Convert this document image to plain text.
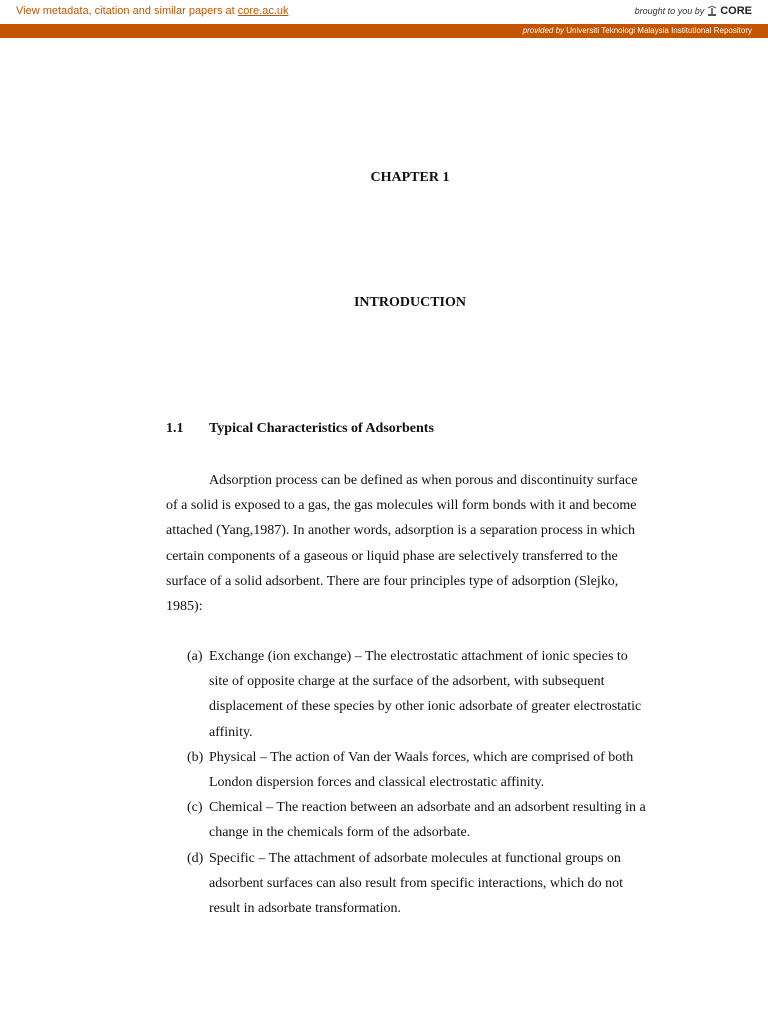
View metadata, citation and similar papers at core.ac.uk	brought to you by CORE
provided by Universiti Teknologi Malaysia Institutional Repository
CHAPTER 1
INTRODUCTION
1.1 Typical Characteristics of Adsorbents

Adsorption process can be defined as when porous and discontinuity surface
of a solid is exposed to a gas, the gas molecules will form bonds with it and become
attached (Yang,1987). In another words, adsorption is a separation process in which
certain components of a gaseous or liquid phase are selectively transferred to the
surface of a solid adsorbent. There are four principles type of adsorption (Slejko,
1985):

(a) Exchange (ion exchange) – The electrostatic attachment of ionic species to
site of opposite charge at the surface of the adsorbent, with subsequent
displacement of these species by other ionic adsorbate of greater electrostatic
affinity.
(b) Physical – The action of Van der Waals forces, which are comprised of both
London dispersion forces and classical electrostatic affinity.
(c) Chemical – The reaction between an adsorbate and an adsorbent resulting in a
change in the chemicals form of the adsorbate.
(d) Specific – The attachment of adsorbate molecules at functional groups on
adsorbent surfaces can also result from specific interactions, which do not
result in adsorbate transformation.
